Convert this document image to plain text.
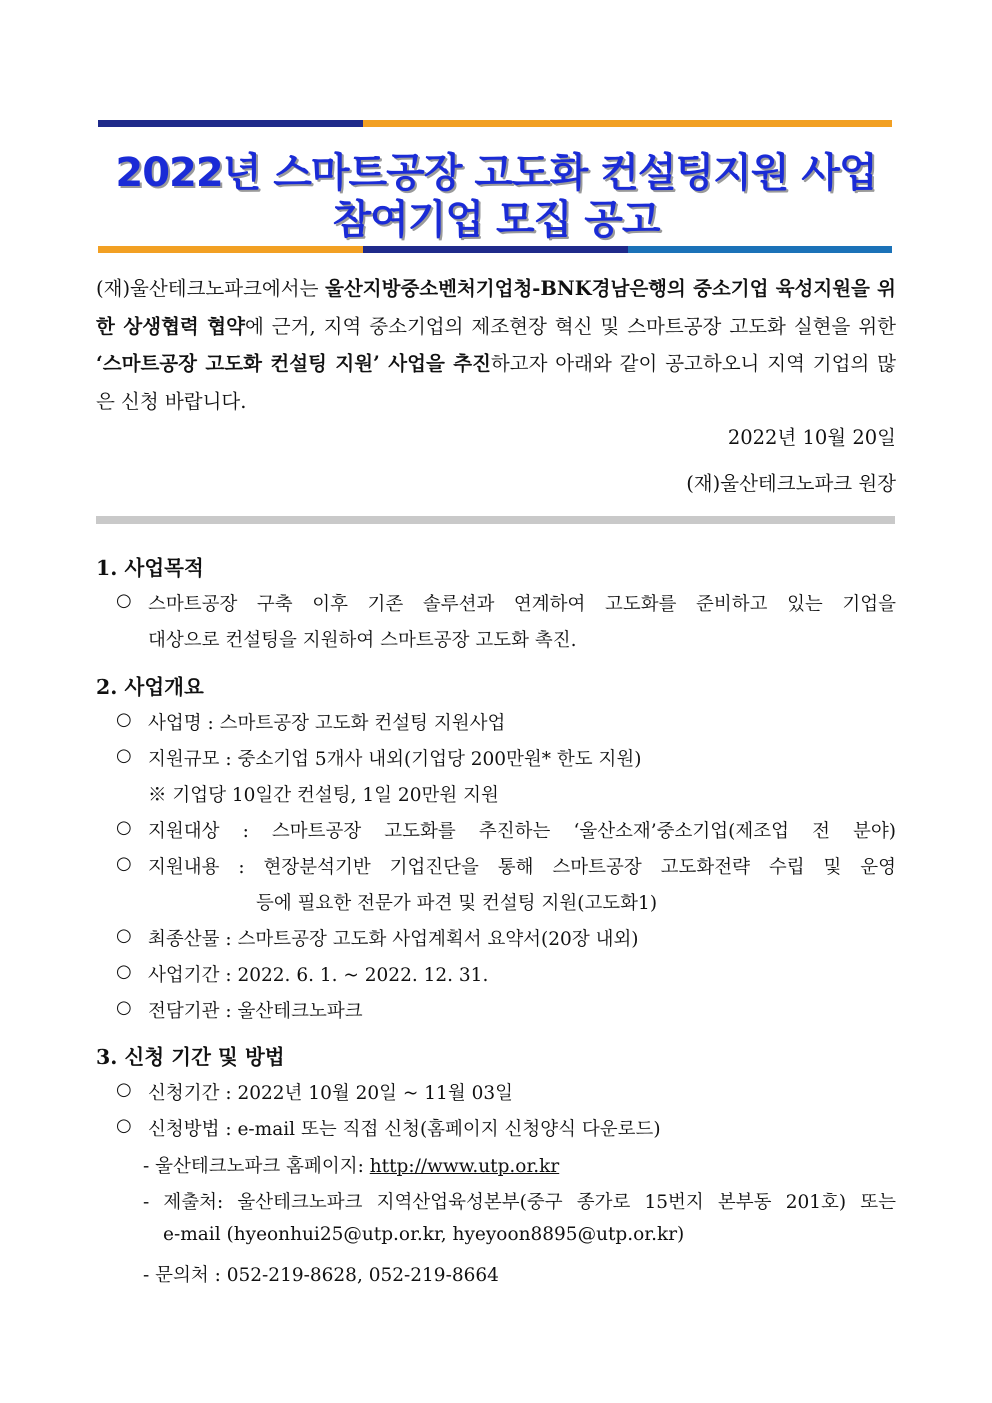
2022년 스마트공장 고도화 컨설팅지원 사업
참여기업 모집 공고
(재)울산테크노파크에서는 울산지방중소벤처기업청-BNK경남은행의 중소기업 육성지원을 위한 상생협력 협약에 근거, 지역 중소기업의 제조현장 혁신 및 스마트공장 고도화 실현을 위한 ‘스마트공장 고도화 컨설팅 지원’ 사업을 추진하고자 아래와 같이 공고하오니 지역 기업의 많은 신청 바랍니다.
2022년 10월 20일
(재)울산테크노파크 원장
1. 사업목적
○ 스마트공장 구축 이후 기존 솔루션과 연계하여 고도화를 준비하고 있는 기업을
대상으로 컨설팅을 지원하여 스마트공장 고도화 촉진.
2. 사업개요
○ 사업명 : 스마트공장 고도화 컨설팅 지원사업
○ 지원규모 : 중소기업 5개사 내외(기업당 200만원* 한도 지원)
※ 기업당 10일간 컨설팅, 1일 20만원 지원
○ 지원대상 : 스마트공장 고도화를 추진하는 ‘울산소재’중소기업(제조업 전 분야)
○ 지원내용 : 현장분석기반 기업진단을 통해 스마트공장 고도화전략 수립 및 운영
등에 필요한 전문가 파견 및 컨설팅 지원(고도화1)
○ 최종산물 : 스마트공장 고도화 사업계획서 요약서(20장 내외)
○ 사업기간 : 2022. 6. 1. ~ 2022. 12. 31.
○ 전담기관 : 울산테크노파크
3. 신청 기간 및 방법
○ 신청기간 : 2022년 10월 20일 ~ 11월 03일
○ 신청방법 : e-mail 또는 직접 신청(홈페이지 신청양식 다운로드)
- 울산테크노파크 홈페이지: http://www.utp.or.kr
- 제출처: 울산테크노파크 지역산업육성본부(중구 종가로 15번지 본부동 201호) 또는
e-mail (hyeonhui25@utp.or.kr, hyeyoon8895@utp.or.kr)
- 문의처 : 052-219-8628, 052-219-8664
